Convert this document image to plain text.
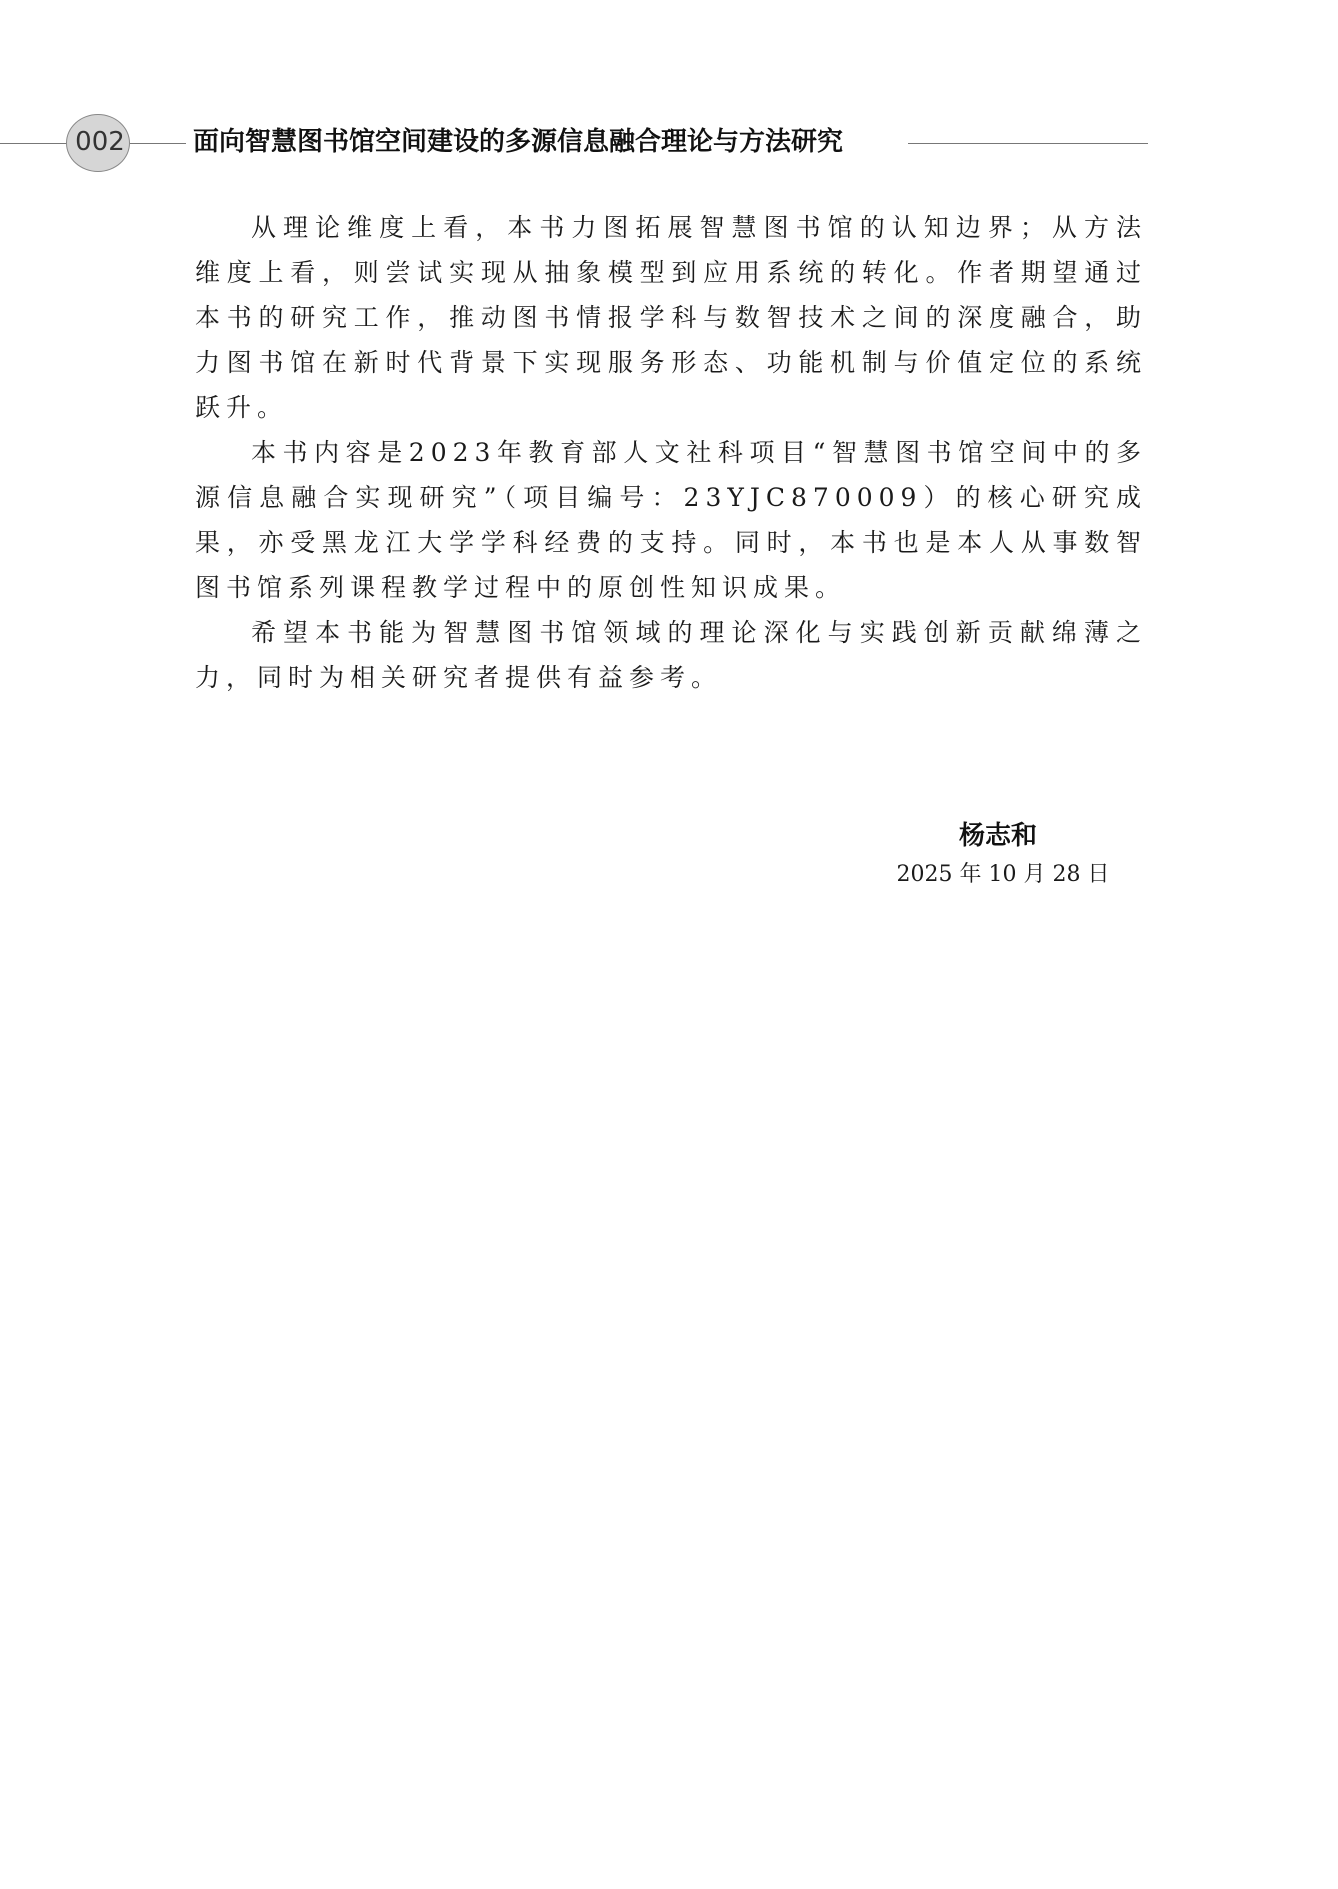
002	面向智慧图书馆空间建设的多源信息融合理论与方法研究

从理论维度上看，本书力图拓展智慧图书馆的认知边界；从方法维度上看，则尝试实现从抽象模型到应用系统的转化。作者期望通过本书的研究工作，推动图书情报学科与数智技术之间的深度融合，助力图书馆在新时代背景下实现服务形态、功能机制与价值定位的系统跃升。

本书内容是2023年教育部人文社科项目“智慧图书馆空间中的多源信息融合实现研究”（项目编号：23YJC870009）的核心研究成果，亦受黑龙江大学学科经费的支持。同时，本书也是本人从事数智图书馆系列课程教学过程中的原创性知识成果。

希望本书能为智慧图书馆领域的理论深化与实践创新贡献绵薄之力，同时为相关研究者提供有益参考。

杨志和
2025 年 10 月 28 日
